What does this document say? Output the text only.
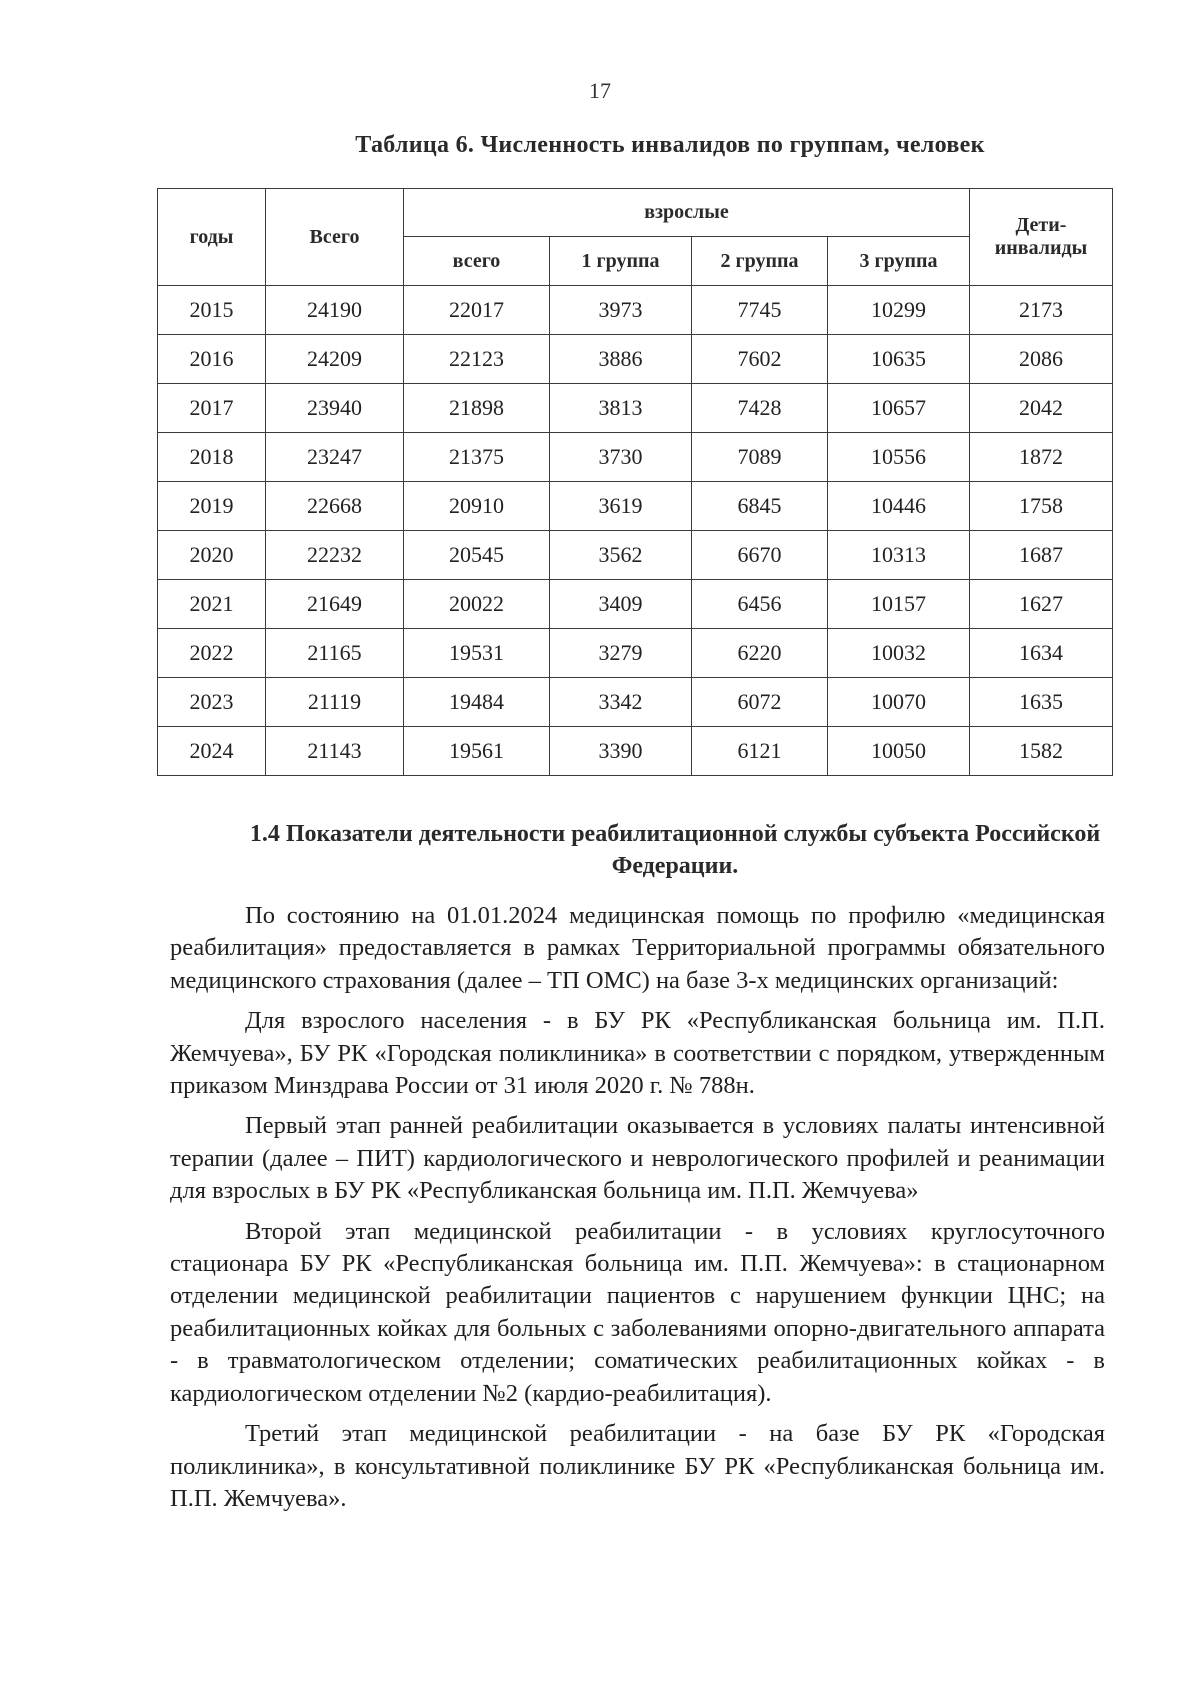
17
Таблица 6. Численность инвалидов по группам, человек
годы	Всего	взрослые				Дети-инвалиды
		всего	1 группа	2 группа	3 группа	
2015	24190	22017	3973	7745	10299	2173
2016	24209	22123	3886	7602	10635	2086
2017	23940	21898	3813	7428	10657	2042
2018	23247	21375	3730	7089	10556	1872
2019	22668	20910	3619	6845	10446	1758
2020	22232	20545	3562	6670	10313	1687
2021	21649	20022	3409	6456	10157	1627
2022	21165	19531	3279	6220	10032	1634
2023	21119	19484	3342	6072	10070	1635
2024	21143	19561	3390	6121	10050	1582
1.4 Показатели деятельности реабилитационной службы субъекта Российской Федерации.

По состоянию на 01.01.2024 медицинская помощь по профилю «медицинская реабилитация» предоставляется в рамках Территориальной программы обязательного медицинского страхования (далее – ТП ОМС) на базе 3-х медицинских организаций:

Для взрослого населения - в БУ РК «Республиканская больница им. П.П. Жемчуева», БУ РК «Городская поликлиника» в соответствии с порядком, утвержденным приказом Минздрава России от 31 июля 2020 г. № 788н.

Первый этап ранней реабилитации оказывается в условиях палаты интенсивной терапии (далее – ПИТ) кардиологического и неврологического профилей и реанимации для взрослых в БУ РК «Республиканская больница им. П.П. Жемчуева»

Второй этап медицинской реабилитации - в условиях круглосуточного стационара БУ РК «Республиканская больница им. П.П. Жемчуева»: в стационарном отделении медицинской реабилитации пациентов с нарушением функции ЦНС; на реабилитационных койках для больных с заболеваниями опорно-двигательного аппарата - в травматологическом отделении; соматических реабилитационных койках - в кардиологическом отделении №2 (кардио-реабилитация).

Третий этап медицинской реабилитации - на базе БУ РК «Городская поликлиника», в консультативной поликлинике БУ РК «Республиканская больница им. П.П. Жемчуева».
